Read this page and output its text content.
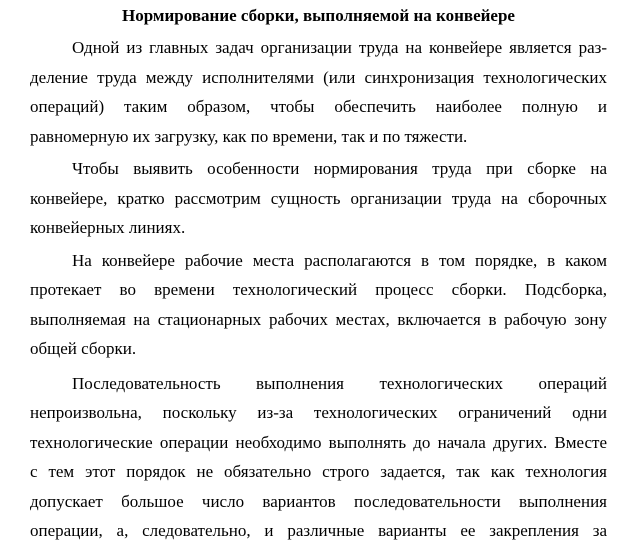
Нормирование сборки, выполняемой на конвейере

Одной из главных задач организации труда на конвейере является раз-
деление труда между исполнителями (или синхронизация технологических
операций) таким образом, чтобы обеспечить наиболее полную и
равномерную их загрузку, как по времени, так и по тяжести.

Чтобы выявить особенности нормирования труда при сборке на
конвейере, кратко рассмотрим сущность организации труда на сборочных
конвейерных линиях.

На конвейере рабочие места располагаются в том порядке, в каком
протекает во времени технологический процесс сборки. Подсборка,
выполняемая на стационарных рабочих местах, включается в рабочую зону
общей сборки.

Последовательность выполнения технологических операций
непроизвольна, поскольку из-за технологических ограничений одни
технологические операции необходимо выполнять до начала других. Вместе
с тем этот порядок не обязательно строго задается, так как технология
допускает большое число вариантов последовательности выполнения
операции, а, следовательно, и различные варианты ее закрепления за
